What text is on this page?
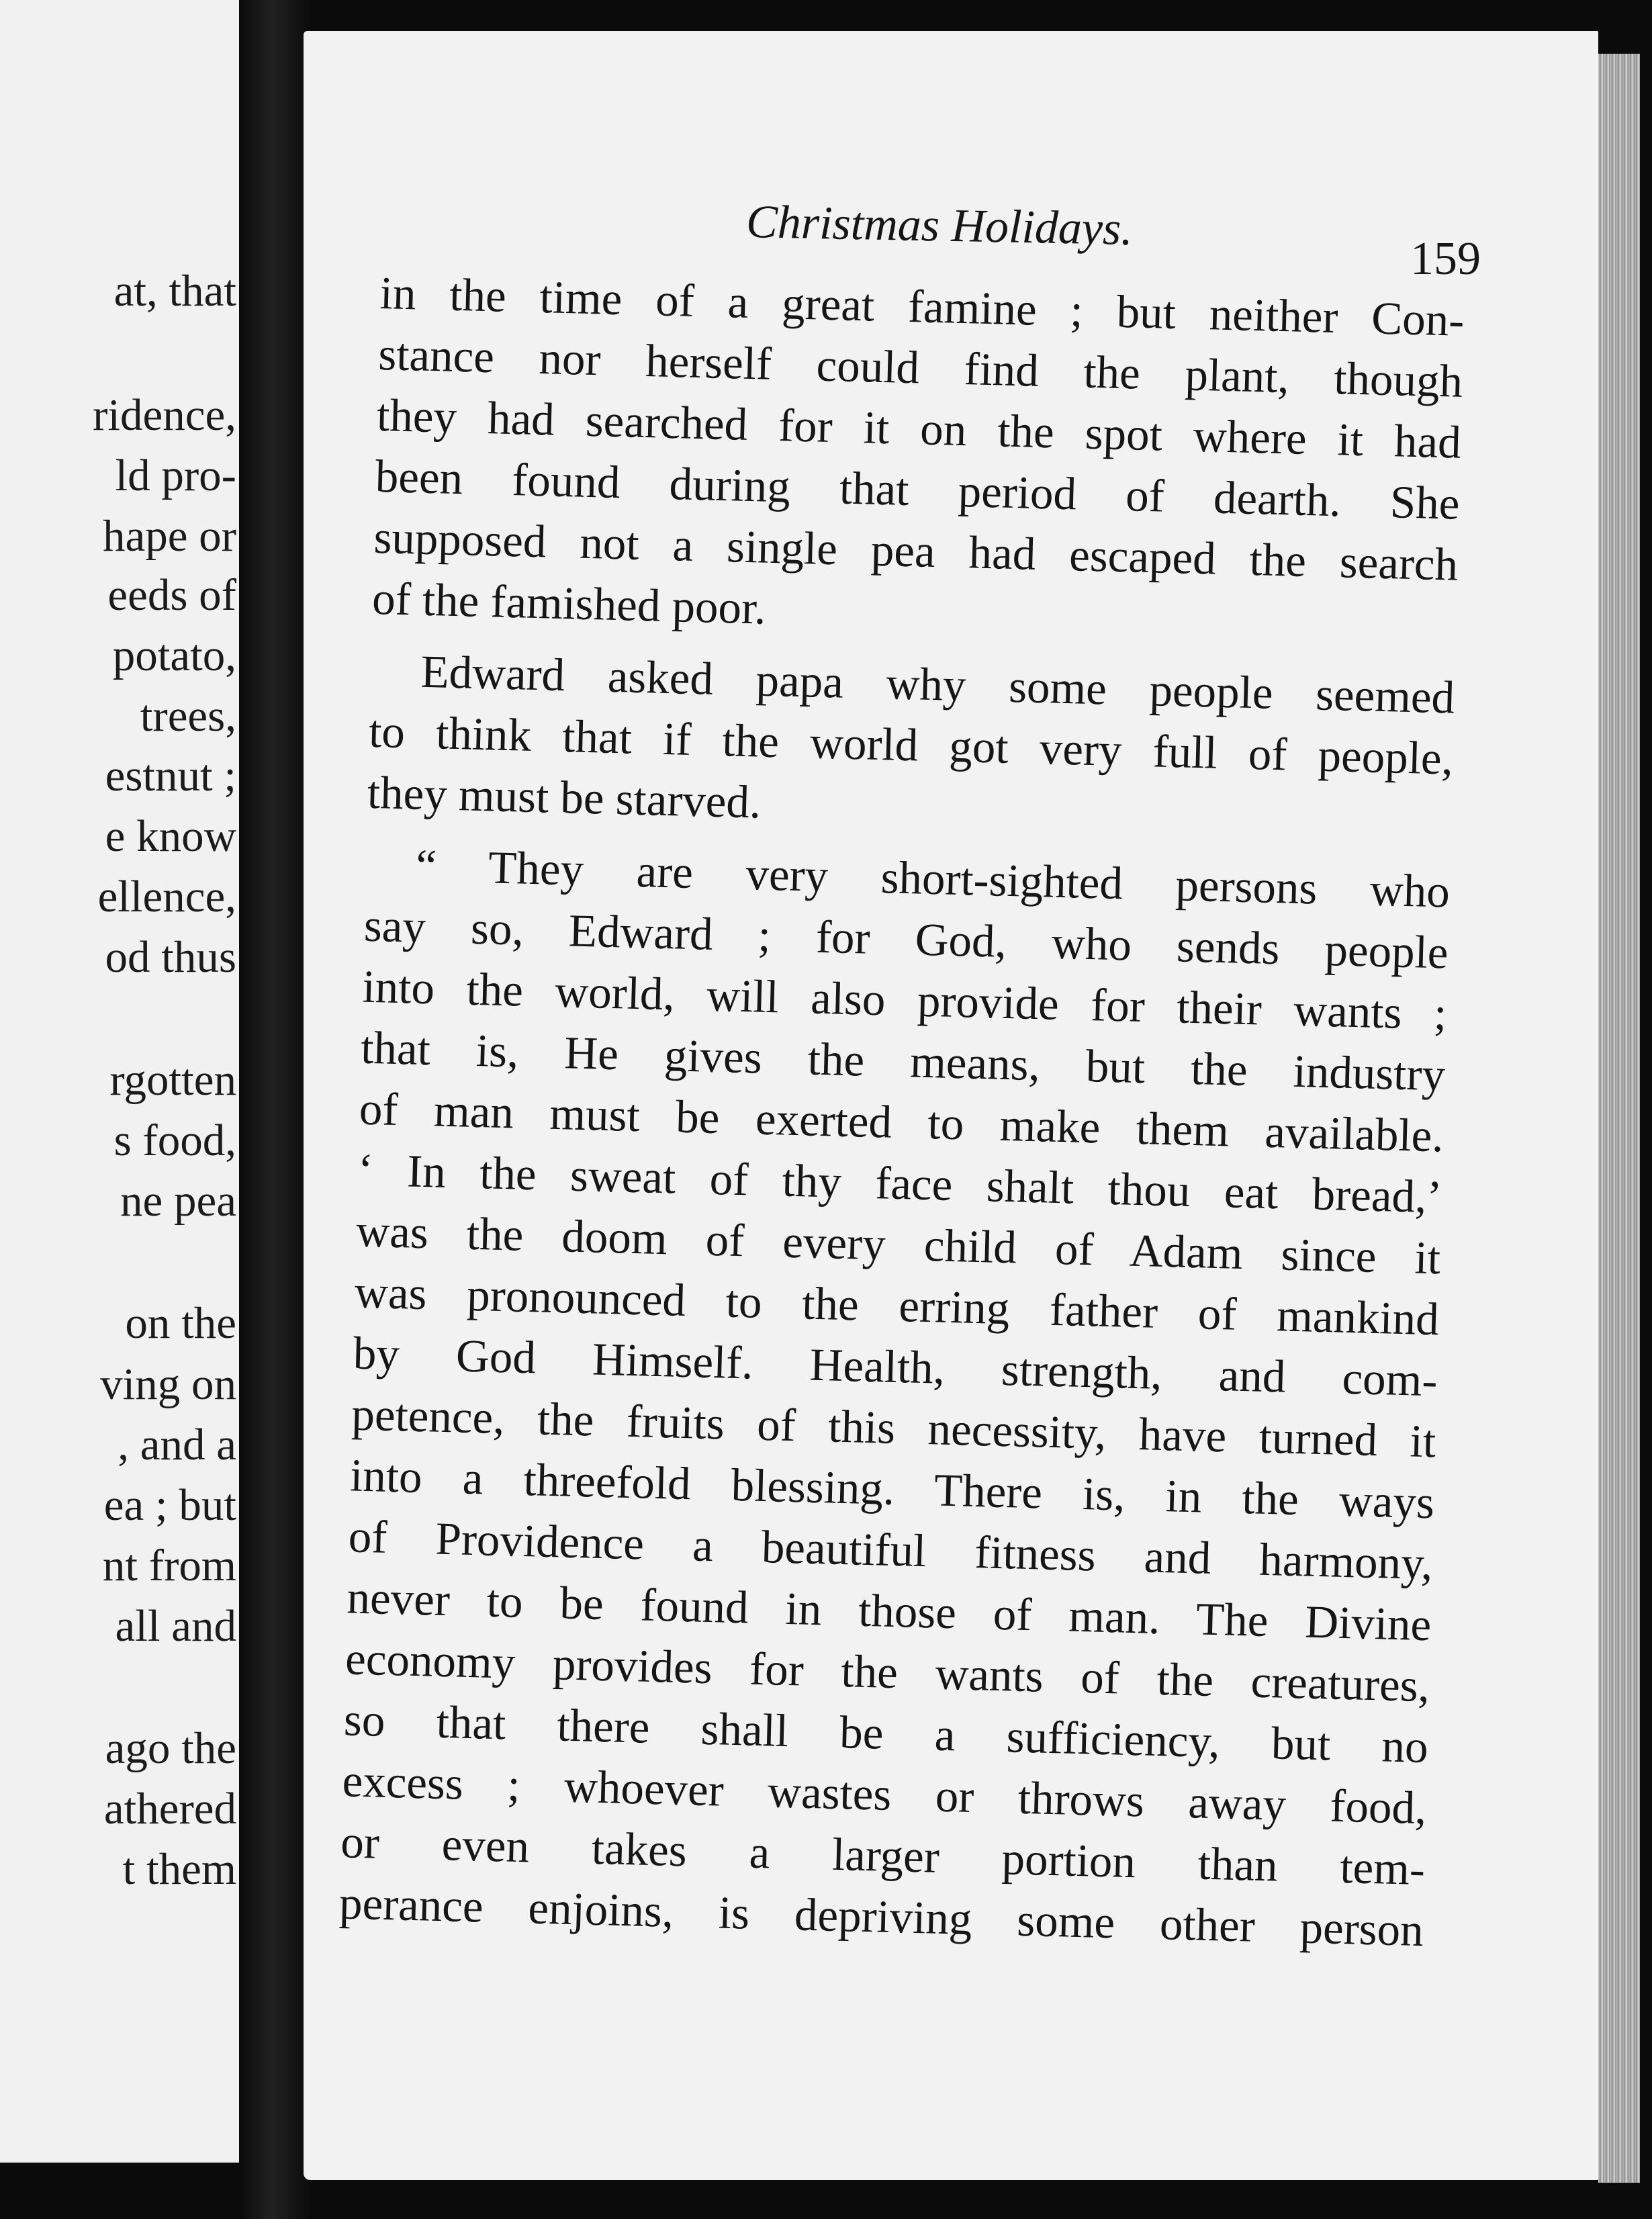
at, that
ridence,
ld pro-
hape or
eeds of
potato,
trees,
estnut ;
e know
ellence,
od thus
rgotten
s food,
ne pea
on the
ving on
, and a
ea ; but
nt from
all and
ago the
athered
t them
Christmas Holidays.
159
in the time of a great famine ; but neither Con-
stance nor herself could find the plant, though
they had searched for it on the spot where it had
been found during that period of dearth. She
supposed not a single pea had escaped the search
of the famished poor.
Edward asked papa why some people seemed
to think that if the world got very full of people,
they must be starved.
“ They are very short-sighted persons who
say so, Edward ; for God, who sends people
into the world, will also provide for their wants ;
that is, He gives the means, but the industry
of man must be exerted to make them available.
‘ In the sweat of thy face shalt thou eat bread,’
was the doom of every child of Adam since it
was pronounced to the erring father of mankind
by God Himself. Health, strength, and com-
petence, the fruits of this necessity, have turned it
into a threefold blessing. There is, in the ways
of Providence a beautiful fitness and harmony,
never to be found in those of man. The Divine
economy provides for the wants of the creatures,
so that there shall be a sufficiency, but no
excess ; whoever wastes or throws away food,
or even takes a larger portion than tem-
perance enjoins, is depriving some other person
